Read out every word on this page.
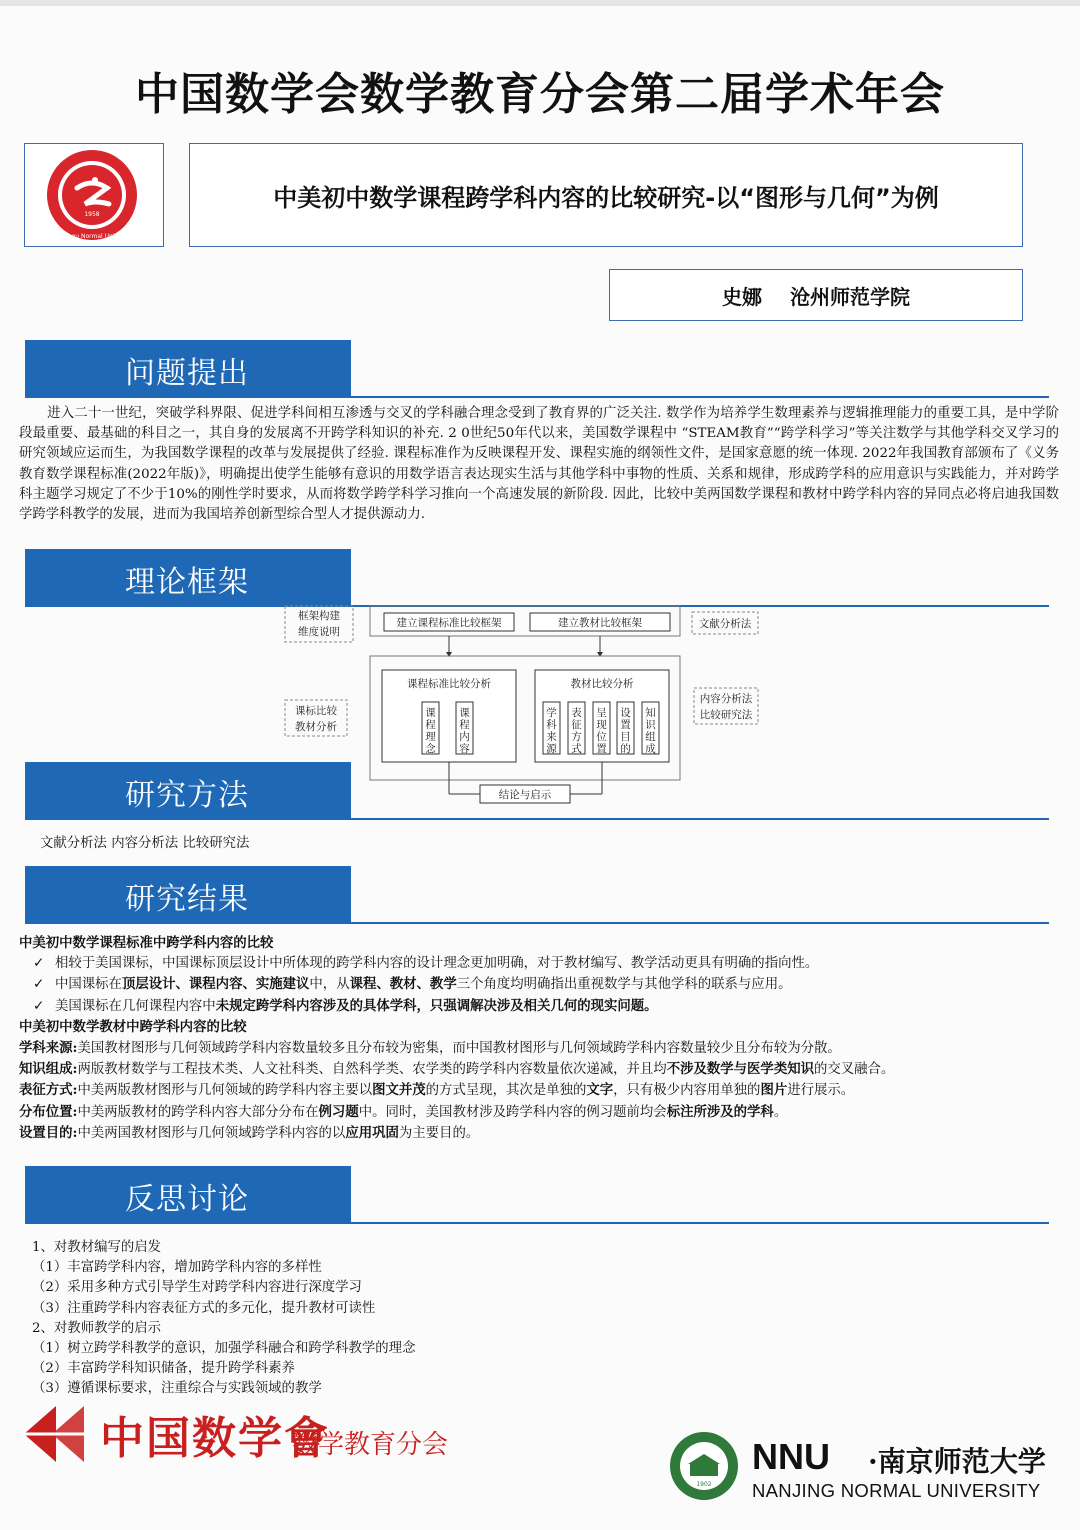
中国数学会数学教育分会第二届学术年会
1958
Cangzhou Normal University
中美初中数学课程跨学科内容的比较研究-以“图形与几何”为例
史娜 沧州师范学院
问题提出
进入二十一世纪，突破学科界限、促进学科间相互渗透与交叉的学科融合理念受到了教育界的广泛关注. 数学作为培养学生数理素养与逻辑推理能力的重要工具，是中学阶段最重要、最基础的科目之一，其自身的发展离不开跨学科知识的补充. 2 0世纪50年代以来，美国数学课程中 “STEAM教育”“跨学科学习”等关注数学与其他学科交叉学习的研究领域应运而生，为我国数学课程的改革与发展提供了经验. 课程标准作为反映课程开发、课程实施的纲领性文件，是国家意愿的统一体现. 2022年我国教育部颁布了《义务教育数学课程标准(2022年版)》，明确提出使学生能够有意识的用数学语言表达现实生活与其他学科中事物的性质、关系和规律，形成跨学科的应用意识与实践能力，并对跨学科主题学习规定了不少于10%的刚性学时要求，从而将数学跨学科学习推向一个高速发展的新阶段. 因此，比较中美两国数学课程和教材中跨学科内容的异同点必将启迪我国数学跨学科教学的发展，进而为我国培养创新型综合型人才提供源动力.
理论框架
建立课程标准比较框架	建立教材比较框架
框架构建
维度说明
文献分析法
课程标准比较分析	教材比较分析
课
程
理
念
课
程
内
容
学
科
来
源
表
征
方
式
呈
现
位
置
设
置
目
的
知
识
组
成
课标比较
教材分析
内容分析法
比较研究法
结论与启示
研究方法
文献分析法 内容分析法 比较研究法
研究结果

中美初中数学课程标准中跨学科内容的比较

✓ 相较于美国课标，中国课标顶层设计中所体现的跨学科内容的设计理念更加明确，对于教材编写、教学活动更具有明确的指向性。

✓ 中国课标在顶层设计、课程内容、实施建议中，从课程、教材、教学三个角度均明确指出重视数学与其他学科的联系与应用。

✓ 美国课标在几何课程内容中未规定跨学科内容涉及的具体学科，只强调解决涉及相关几何的现实问题。

中美初中数学教材中跨学科内容的比较

学科来源:美国教材图形与几何领域跨学科内容数量较多且分布较为密集，而中国教材图形与几何领域跨学科内容数量较少且分布较为分散。

知识组成:两版教材数学与工程技术类、人文社科类、自然科学类、农学类的跨学科内容数量依次递减，并且均不涉及数学与医学类知识的交叉融合。

表征方式:中美两版教材图形与几何领域的跨学科内容主要以图文并茂的方式呈现，其次是单独的文字，只有极少内容用单独的图片进行展示。

分布位置:中美两版教材的跨学科内容大部分分布在例习题中。同时，美国教材涉及跨学科内容的例习题前均会标注所涉及的学科。

设置目的:中美两国教材图形与几何领域跨学科内容的以应用巩固为主要目的。

反思讨论

1、对教材编写的启发

（1）丰富跨学科内容，增加跨学科内容的多样性

（2）采用多种方式引导学生对跨学科内容进行深度学习

（3）注重跨学科内容表征方式的多元化，提升教材可读性

2、对教师教学的启示

（1）树立跨学科教学的意识，加强学科融合和跨学科教学的理念

（2）丰富跨学科知识储备，提升跨学科素养

（3）遵循课标要求，注重综合与实践领域的教学

中国数学會
数学教育分会
1902
NNU ·南京师范大学
NANJING NORMAL UNIVERSITY
